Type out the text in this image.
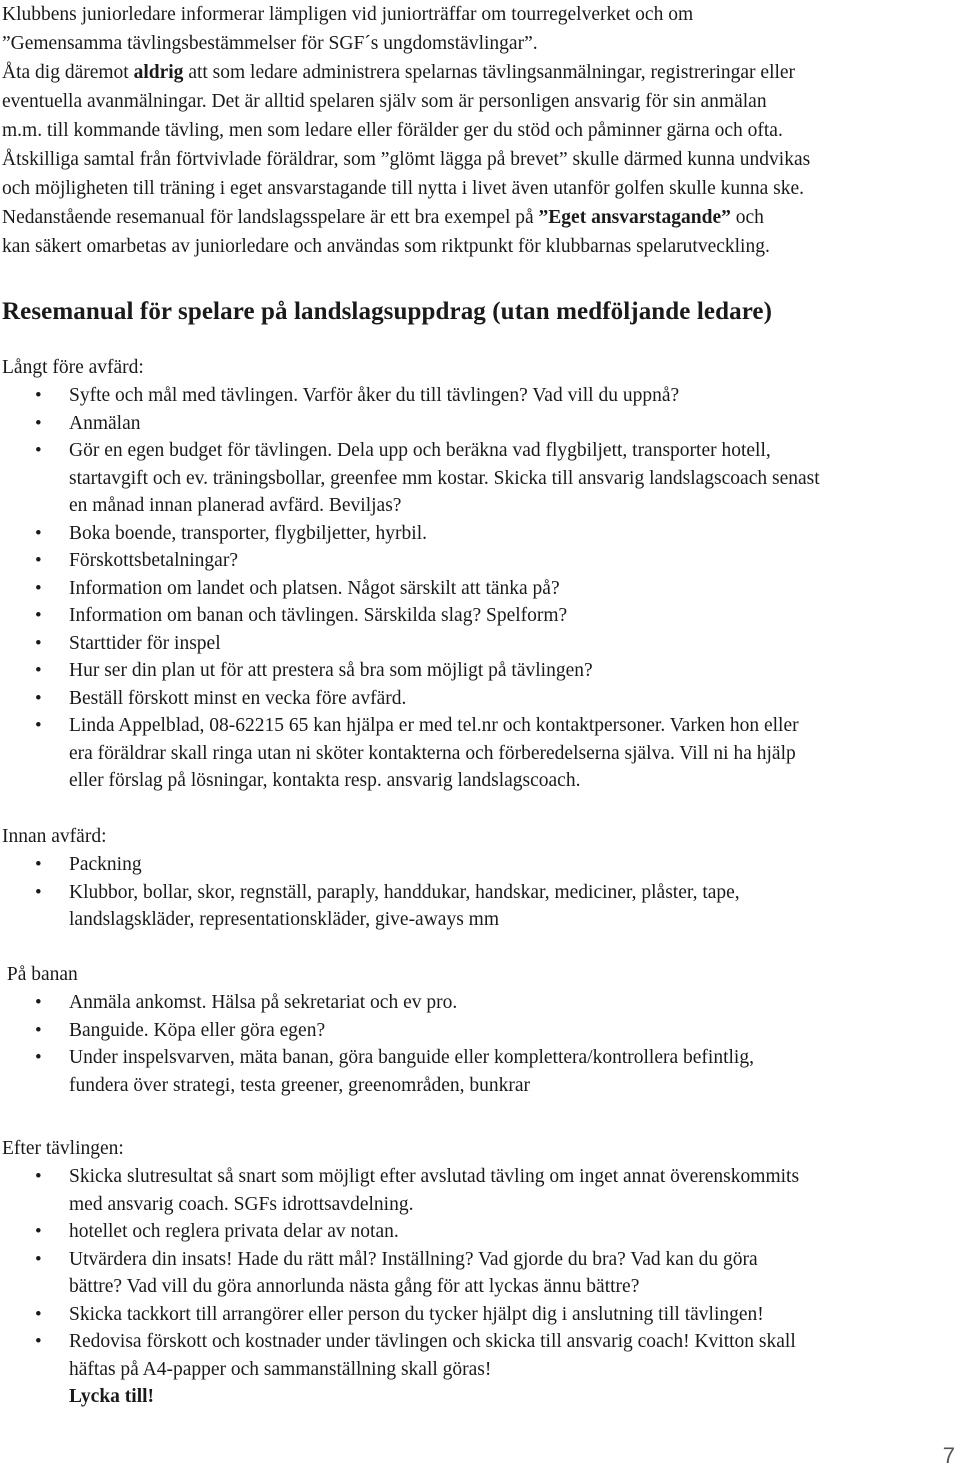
Klubbens juniorledare informerar lämpligen vid juniorträffar om tourregelverket och om
”Gemensamma tävlingsbestämmelser för SGF´s ungdomstävlingar”.
Åta dig däremot aldrig att som ledare administrera spelarnas tävlingsanmälningar, registreringar eller
eventuella avanmälningar. Det är alltid spelaren själv som är personligen ansvarig för sin anmälan
m.m. till kommande tävling, men som ledare eller förälder ger du stöd och påminner gärna och ofta.
Åtskilliga samtal från förtvivlade föräldrar, som ”glömt lägga på brevet” skulle därmed kunna undvikas
och möjligheten till träning i eget ansvarstagande till nytta i livet även utanför golfen skulle kunna ske.
Nedanstående resemanual för landslagsspelare är ett bra exempel på ”Eget ansvarstagande” och
kan säkert omarbetas av juniorledare och användas som riktpunkt för klubbarnas spelarutveckling.
Resemanual för spelare på landslagsuppdrag (utan medföljande ledare)
Långt före avfärd:
• Syfte och mål med tävlingen. Varför åker du till tävlingen? Vad vill du uppnå?
• Anmälan
• Gör en egen budget för tävlingen. Dela upp och beräkna vad flygbiljett, transporter hotell,
startavgift och ev. träningsbollar, greenfee mm kostar. Skicka till ansvarig landslagscoach senast
en månad innan planerad avfärd. Beviljas?
• Boka boende, transporter, flygbiljetter, hyrbil.
• Förskottsbetalningar?
• Information om landet och platsen. Något särskilt att tänka på?
• Information om banan och tävlingen. Särskilda slag? Spelform?
• Starttider för inspel
• Hur ser din plan ut för att prestera så bra som möjligt på tävlingen?
• Beställ förskott minst en vecka före avfärd.
• Linda Appelblad, 08-62215 65 kan hjälpa er med tel.nr och kontaktpersoner. Varken hon eller
era föräldrar skall ringa utan ni sköter kontakterna och förberedelserna själva. Vill ni ha hjälp
eller förslag på lösningar, kontakta resp. ansvarig landslagscoach.
Innan avfärd:
• Packning
• Klubbor, bollar, skor, regnställ, paraply, handdukar, handskar, mediciner, plåster, tape,
landslagskläder, representationskläder, give-aways mm
På banan
• Anmäla ankomst. Hälsa på sekretariat och ev pro.
• Banguide. Köpa eller göra egen?
• Under inspelsvarven, mäta banan, göra banguide eller komplettera/kontrollera befintlig,
fundera över strategi, testa greener, greenområden, bunkrar
Efter tävlingen:
• Skicka slutresultat så snart som möjligt efter avslutad tävling om inget annat överenskommits
med ansvarig coach. SGFs idrottsavdelning.
• hotellet och reglera privata delar av notan.
• Utvärdera din insats! Hade du rätt mål? Inställning? Vad gjorde du bra? Vad kan du göra
bättre? Vad vill du göra annorlunda nästa gång för att lyckas ännu bättre?
• Skicka tackkort till arrangörer eller person du tycker hjälpt dig i anslutning till tävlingen!
• Redovisa förskott och kostnader under tävlingen och skicka till ansvarig coach! Kvitton skall
häftas på A4-papper och sammanställning skall göras!
Lycka till!
7
